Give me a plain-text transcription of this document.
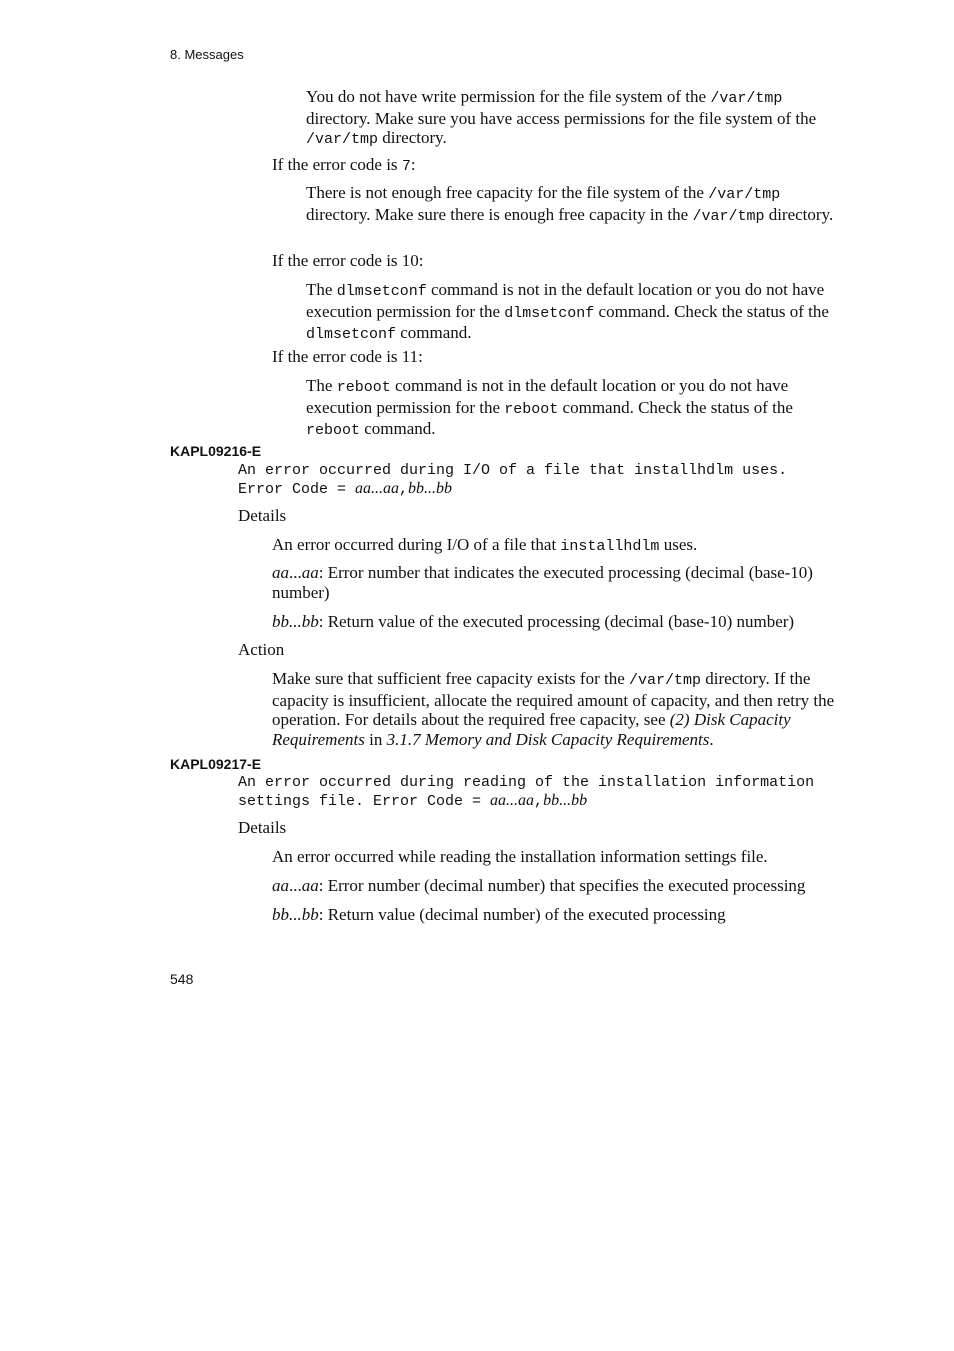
8. Messages
You do not have write permission for the file system of the /var/tmp directory. Make sure you have access permissions for the file system of the /var/tmp directory.
If the error code is 7:
There is not enough free capacity for the file system of the /var/tmp directory. Make sure there is enough free capacity in the /var/tmp directory.
If the error code is 10:
The dlmsetconf command is not in the default location or you do not have execution permission for the dlmsetconf command. Check the status of the dlmsetconf command.
If the error code is 11:
The reboot command is not in the default location or you do not have execution permission for the reboot command. Check the status of the reboot command.
KAPL09216-E
An error occurred during I/O of a file that installhdlm uses.
Error Code = aa...aa,bb...bb
Details
An error occurred during I/O of a file that installhdlm uses.
aa...aa: Error number that indicates the executed processing (decimal (base-10) number)
bb...bb: Return value of the executed processing (decimal (base-10) number)
Action
Make sure that sufficient free capacity exists for the /var/tmp directory. If the capacity is insufficient, allocate the required amount of capacity, and then retry the operation. For details about the required free capacity, see (2) Disk Capacity Requirements in 3.1.7 Memory and Disk Capacity Requirements.
KAPL09217-E
An error occurred during reading of the installation information
settings file. Error Code = aa...aa,bb...bb
Details
An error occurred while reading the installation information settings file.
aa...aa: Error number (decimal number) that specifies the executed processing
bb...bb: Return value (decimal number) of the executed processing
548
